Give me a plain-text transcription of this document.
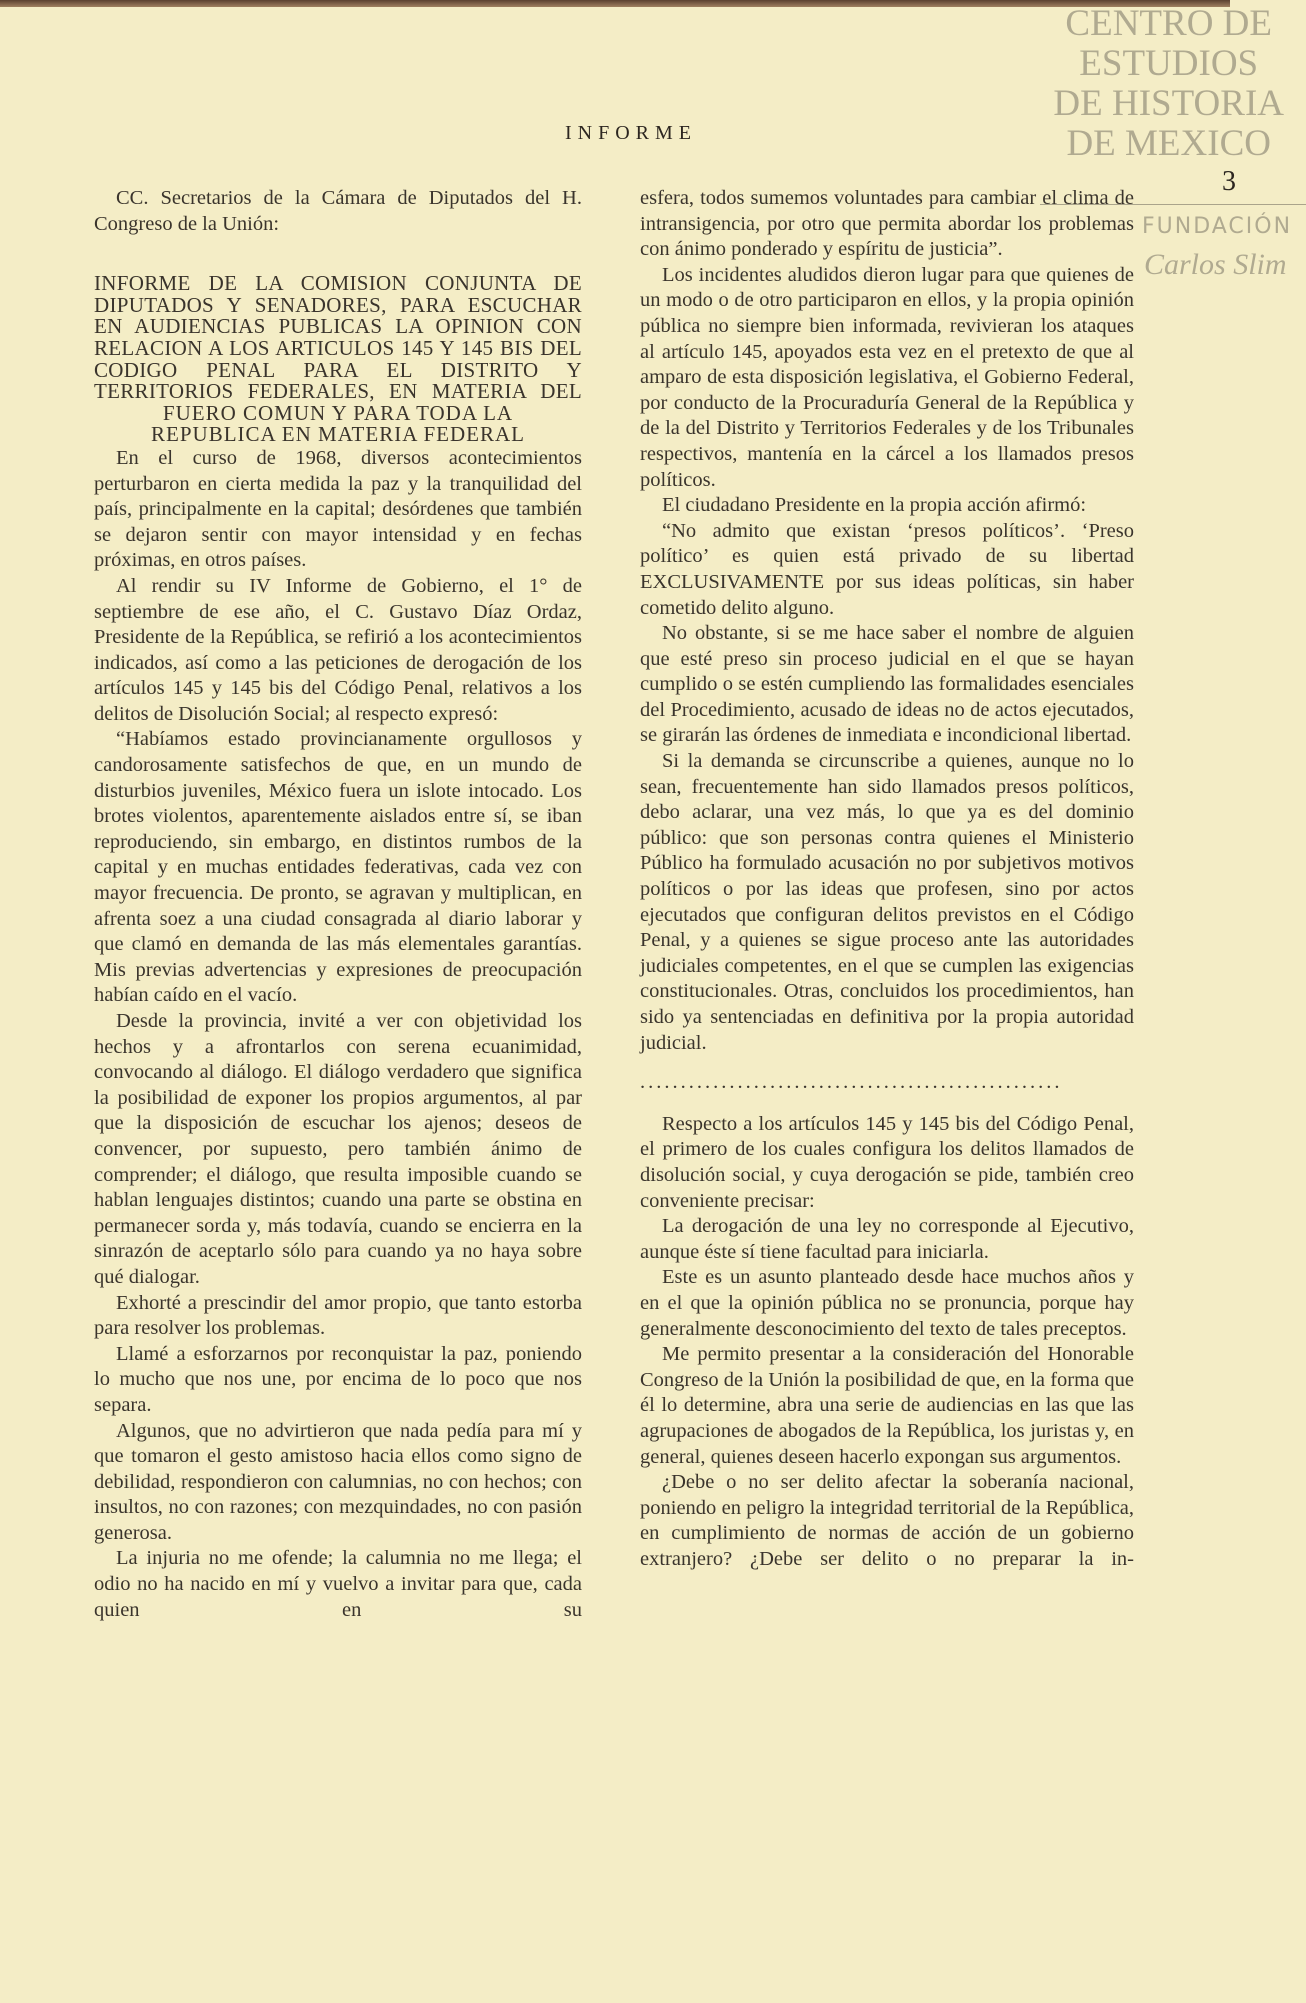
CENTRO DE
ESTUDIOS
DE HISTORIA
DE MEXICO
FUNDACIÓN
Carlos Slim
INFORME
3

CC. Secretarios de la Cámara de Diputados del H. Congreso de la Unión:

INFORME DE LA COMISION CONJUNTA DE DIPUTADOS Y SENADORES, PARA ESCUCHAR EN AUDIENCIAS PUBLICAS LA OPINION CON RELACION A LOS ARTICULOS 145 Y 145 BIS DEL CODIGO PENAL PARA EL DISTRITO Y TERRITORIOS FEDERALES, EN MATERIA DEL

FUERO COMUN Y PARA TODA LA
REPUBLICA EN MATERIA FEDERAL

En el curso de 1968, diversos acontecimientos perturbaron en cierta medida la paz y la tranquilidad del país, principalmente en la capital; desórdenes que también se dejaron sentir con mayor intensidad y en fechas próximas, en otros países.

Al rendir su IV Informe de Gobierno, el 1° de septiembre de ese año, el C. Gustavo Díaz Ordaz, Presidente de la República, se refirió a los acontecimientos indicados, así como a las peticiones de derogación de los artículos 145 y 145 bis del Código Penal, relativos a los delitos de Disolución Social; al respecto expresó:

“Habíamos estado provincianamente orgullosos y candorosamente satisfechos de que, en un mundo de disturbios juveniles, México fuera un islote intocado. Los brotes violentos, aparentemente aislados entre sí, se iban reproduciendo, sin embargo, en distintos rumbos de la capital y en muchas entidades federativas, cada vez con mayor frecuencia. De pronto, se agravan y multiplican, en afrenta soez a una ciudad consagrada al diario laborar y que clamó en demanda de las más elementales garantías. Mis previas advertencias y expresiones de preocupación habían caído en el vacío.

Desde la provincia, invité a ver con objetividad los hechos y a afrontarlos con serena ecuanimidad, convocando al diálogo. El diálogo verdadero que significa la posibilidad de exponer los propios argumentos, al par que la disposición de escuchar los ajenos; deseos de convencer, por supuesto, pero también ánimo de comprender; el diálogo, que resulta imposible cuando se hablan lenguajes distintos; cuando una parte se obstina en permanecer sorda y, más todavía, cuando se encierra en la sinrazón de aceptarlo sólo para cuando ya no haya sobre qué dialogar.

Exhorté a prescindir del amor propio, que tanto estorba para resolver los problemas.

Llamé a esforzarnos por reconquistar la paz, poniendo lo mucho que nos une, por encima de lo poco que nos separa.

Algunos, que no advirtieron que nada pedía para mí y que tomaron el gesto amistoso hacia ellos como signo de debilidad, respondieron con calumnias, no con hechos; con insultos, no con razones; con mezquindades, no con pasión generosa.

La injuria no me ofende; la calumnia no me llega; el odio no ha nacido en mí y vuelvo a invitar para que, cada quien en su

esfera, todos sumemos voluntades para cambiar el clima de intransigencia, por otro que permita abordar los problemas con ánimo ponderado y espíritu de justicia”.

Los incidentes aludidos dieron lugar para que quienes de un modo o de otro participaron en ellos, y la propia opinión pública no siempre bien informada, revivieran los ataques al artículo 145, apoyados esta vez en el pretexto de que al amparo de esta disposición legislativa, el Gobierno Federal, por conducto de la Procuraduría General de la República y de la del Distrito y Territorios Federales y de los Tribunales respectivos, mantenía en la cárcel a los llamados presos políticos.

El ciudadano Presidente en la propia acción afirmó:

“No admito que existan ‘presos políticos’. ‘Preso político’ es quien está privado de su libertad EXCLUSIVAMENTE por sus ideas políticas, sin haber cometido delito alguno.

No obstante, si se me hace saber el nombre de alguien que esté preso sin proceso judicial en el que se hayan cumplido o se estén cumpliendo las formalidades esenciales del Procedimiento, acusado de ideas no de actos ejecutados, se girarán las órdenes de inmediata e incondicional libertad.

Si la demanda se circunscribe a quienes, aunque no lo sean, frecuentemente han sido llamados presos políticos, debo aclarar, una vez más, lo que ya es del dominio público: que son personas contra quienes el Ministerio Público ha formulado acusación no por subjetivos motivos políticos o por las ideas que profesen, sino por actos ejecutados que configuran delitos previstos en el Código Penal, y a quienes se sigue proceso ante las autoridades judiciales competentes, en el que se cumplen las exigencias constitucionales. Otras, concluidos los procedimientos, han sido ya sentenciadas en definitiva por la propia autoridad judicial.

....................................................

Respecto a los artículos 145 y 145 bis del Código Penal, el primero de los cuales configura los delitos llamados de disolución social, y cuya derogación se pide, también creo conveniente precisar:

La derogación de una ley no corresponde al Ejecutivo, aunque éste sí tiene facultad para iniciarla.

Este es un asunto planteado desde hace muchos años y en el que la opinión pública no se pronuncia, porque hay generalmente desconocimiento del texto de tales preceptos.

Me permito presentar a la consideración del Honorable Congreso de la Unión la posibilidad de que, en la forma que él lo determine, abra una serie de audiencias en las que las agrupaciones de abogados de la República, los juristas y, en general, quienes deseen hacerlo expongan sus argumentos.

¿Debe o no ser delito afectar la soberanía nacional, poniendo en peligro la integridad territorial de la República, en cumplimiento de normas de acción de un gobierno extranjero? ¿Debe ser delito o no preparar la in-
